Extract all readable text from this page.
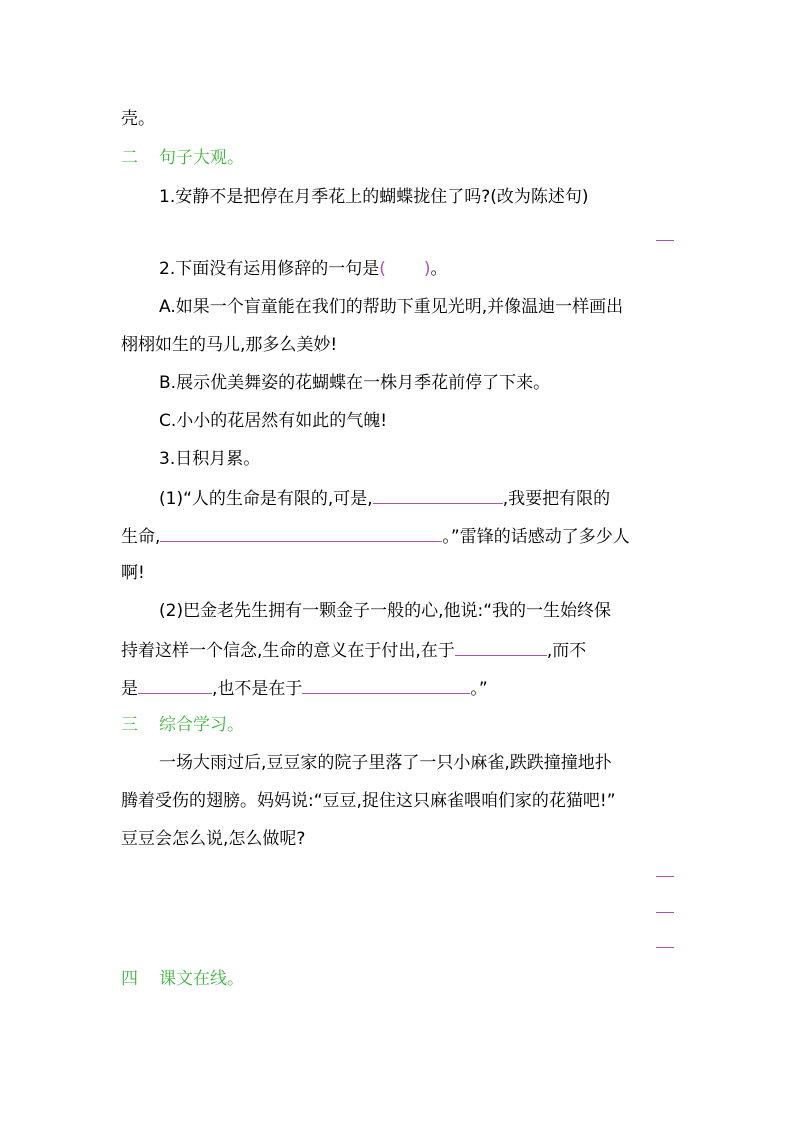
壳。
二 句子大观。
1.安静不是把停在月季花上的蝴蝶拢住了吗?(改为陈述句)
2.下面没有运用修辞的一句是( )。
A.如果一个盲童能在我们的帮助下重见光明,并像温迪一样画出
栩栩如生的马儿,那多么美妙!
B.展示优美舞姿的花蝴蝶在一株月季花前停了下来。
C.小小的花居然有如此的气魄!
3.日积月累。
(1)“人的生命是有限的,可是,	,我要把有限的
生命,	。”雷锋的话感动了多少人
啊!
(2)巴金老先生拥有一颗金子一般的心,他说:“我的一生始终保
持着这样一个信念,生命的意义在于付出,在于	,而不
是	,也不是在于	。”
三 综合学习。
一场大雨过后,豆豆家的院子里落了一只小麻雀,跌跌撞撞地扑
腾着受伤的翅膀。妈妈说:“豆豆,捉住这只麻雀喂咱们家的花猫吧!”
豆豆会怎么说,怎么做呢?
四 课文在线。
